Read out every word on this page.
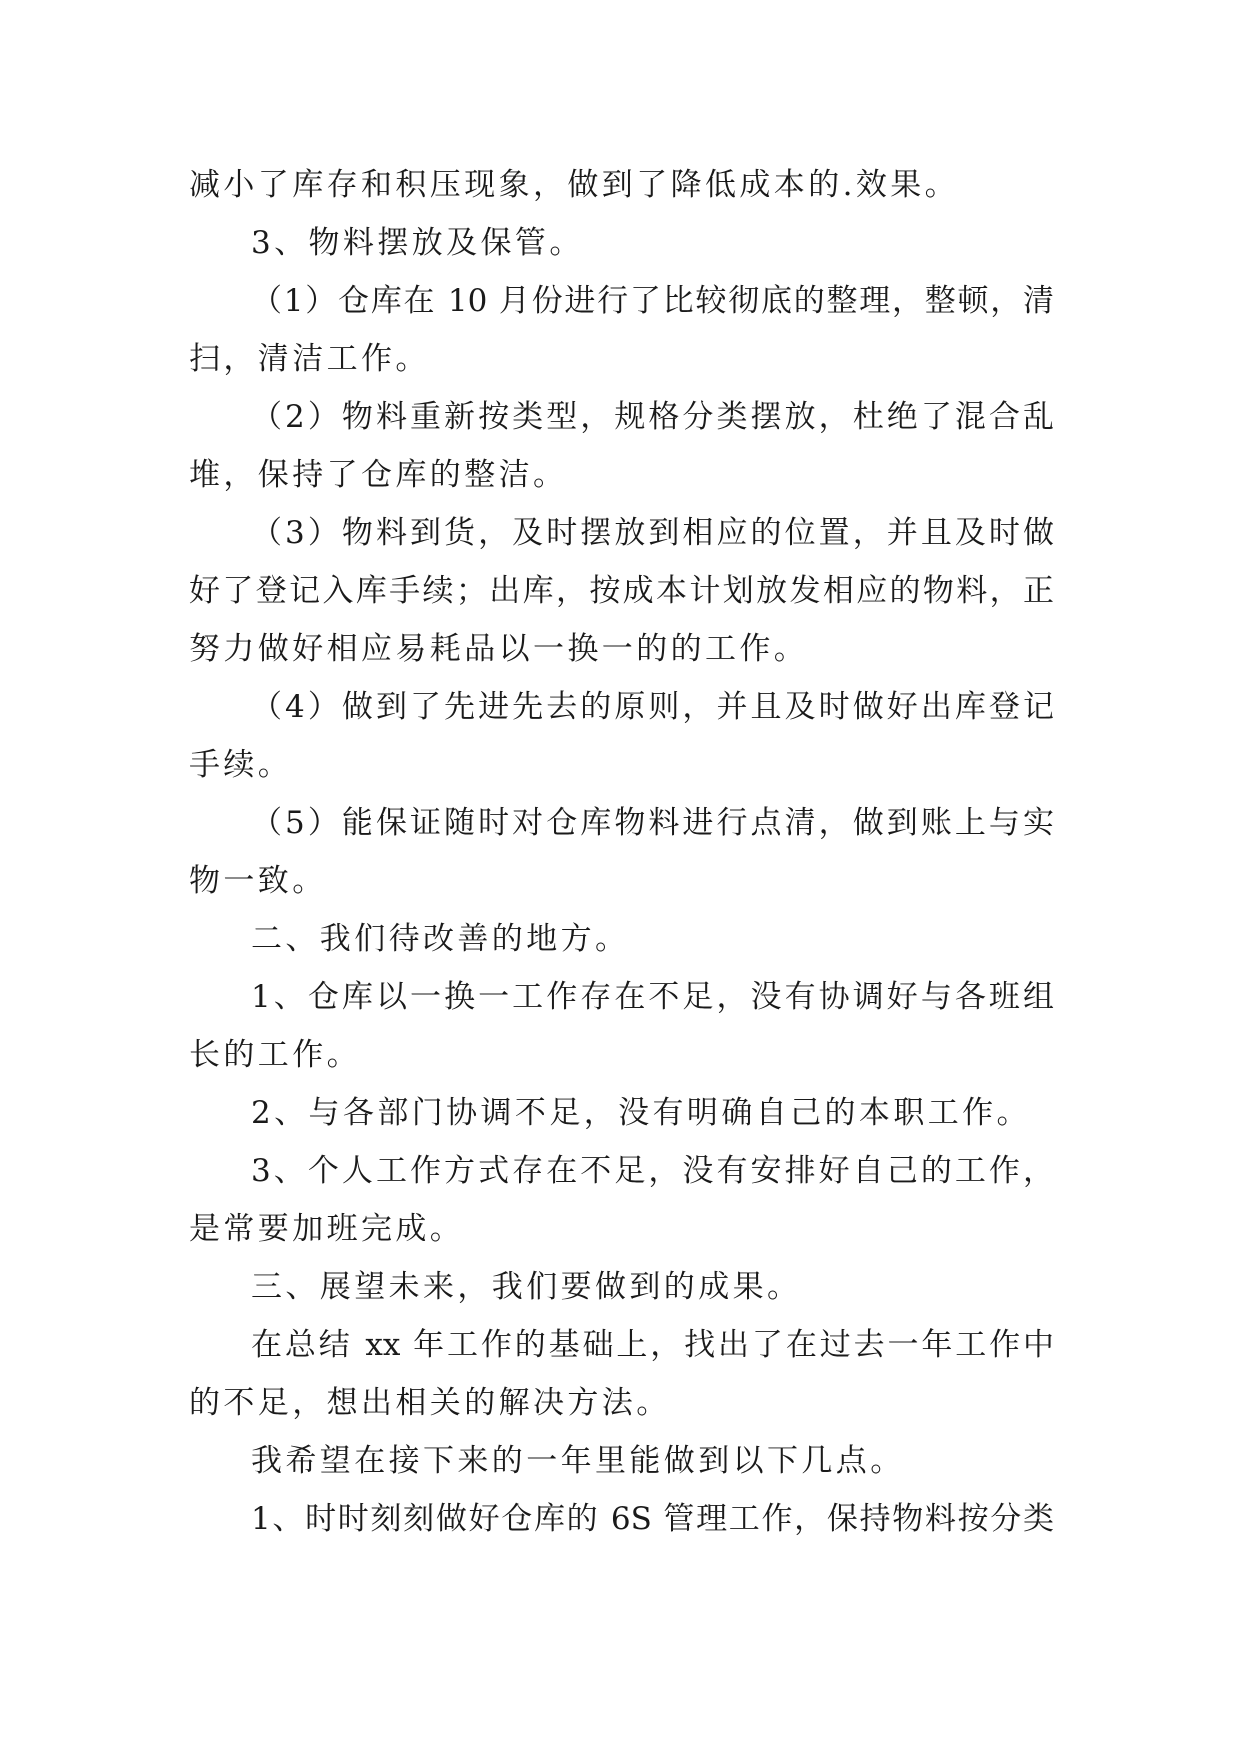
减小了库存和积压现象，做到了降低成本的.效果。
3、物料摆放及保管。
（1）仓库在 10 月份进行了比较彻底的整理，整顿，清
扫，清洁工作。
（2）物料重新按类型，规格分类摆放，杜绝了混合乱
堆，保持了仓库的整洁。
（3）物料到货，及时摆放到相应的位置，并且及时做
好了登记入库手续；出库，按成本计划放发相应的物料，正
努力做好相应易耗品以一换一的的工作。
（4）做到了先进先去的原则，并且及时做好出库登记
手续。
（5）能保证随时对仓库物料进行点清，做到账上与实
物一致。
二、我们待改善的地方。
1、仓库以一换一工作存在不足，没有协调好与各班组
长的工作。
2、与各部门协调不足，没有明确自己的本职工作。
3、个人工作方式存在不足，没有安排好自己的工作，
是常要加班完成。
三、展望未来，我们要做到的成果。
在总结 xx 年工作的基础上，找出了在过去一年工作中
的不足，想出相关的解决方法。
我希望在接下来的一年里能做到以下几点。
1、时时刻刻做好仓库的 6S 管理工作，保持物料按分类
